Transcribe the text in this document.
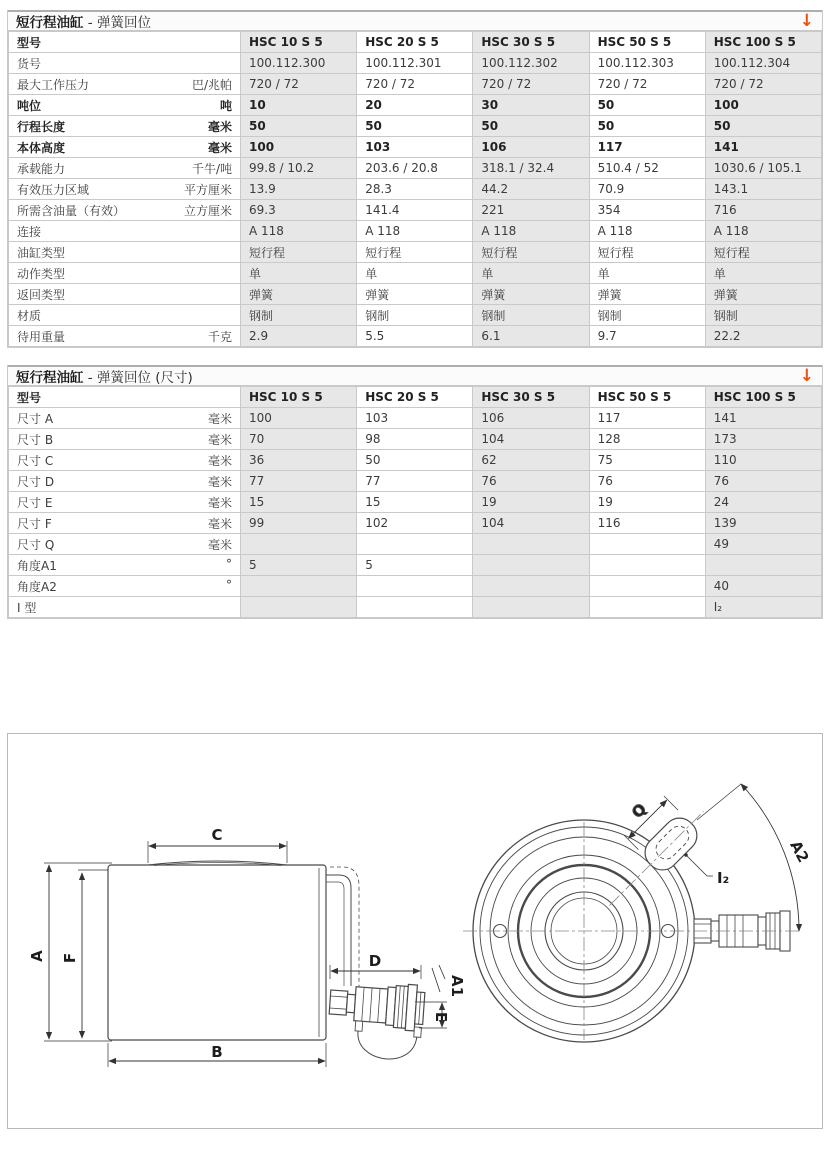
短行程油缸 - 弹簧回位	↓
型号	HSC 10 S 5	HSC 20 S 5	HSC 30 S 5	HSC 50 S 5	HSC 100 S 5
货号	100.112.300	100.112.301	100.112.302	100.112.303	100.112.304
最大工作压力 巴/兆帕	720 / 72	720 / 72	720 / 72	720 / 72	720 / 72
吨位 吨	10	20	30	50	100
行程长度 毫米	50	50	50	50	50
本体高度 毫米	100	103	106	117	141
承载能力 千牛/吨	99.8 / 10.2	203.6 / 20.8	318.1 / 32.4	510.4 / 52	1030.6 / 105.1
有效压力区域 平方厘米	13.9	28.3	44.2	70.9	143.1
所需含油量（有效） 立方厘米	69.3	141.4	221	354	716
连接	A 118	A 118	A 118	A 118	A 118
油缸类型	短行程	短行程	短行程	短行程	短行程
动作类型	单	单	单	单	单
返回类型	弹簧	弹簧	弹簧	弹簧	弹簧
材质	钢制	钢制	钢制	钢制	钢制
待用重量 千克	2.9	5.5	6.1	9.7	22.2
短行程油缸 - 弹簧回位 (尺寸)	↓
型号	HSC 10 S 5	HSC 20 S 5	HSC 30 S 5	HSC 50 S 5	HSC 100 S 5
尺寸 A 毫米	100	103	106	117	141
尺寸 B 毫米	70	98	104	128	173
尺寸 C 毫米	36	50	62	75	110
尺寸 D 毫米	77	77	76	76	76
尺寸 E 毫米	15	15	19	19	24
尺寸 F 毫米	99	102	104	116	139
尺寸 Q 毫米					49
角度A1 °	5	5			
角度A2 °					40
I 型					I₂
A F
C
B
D
A1
E
Q
I₂
A2
